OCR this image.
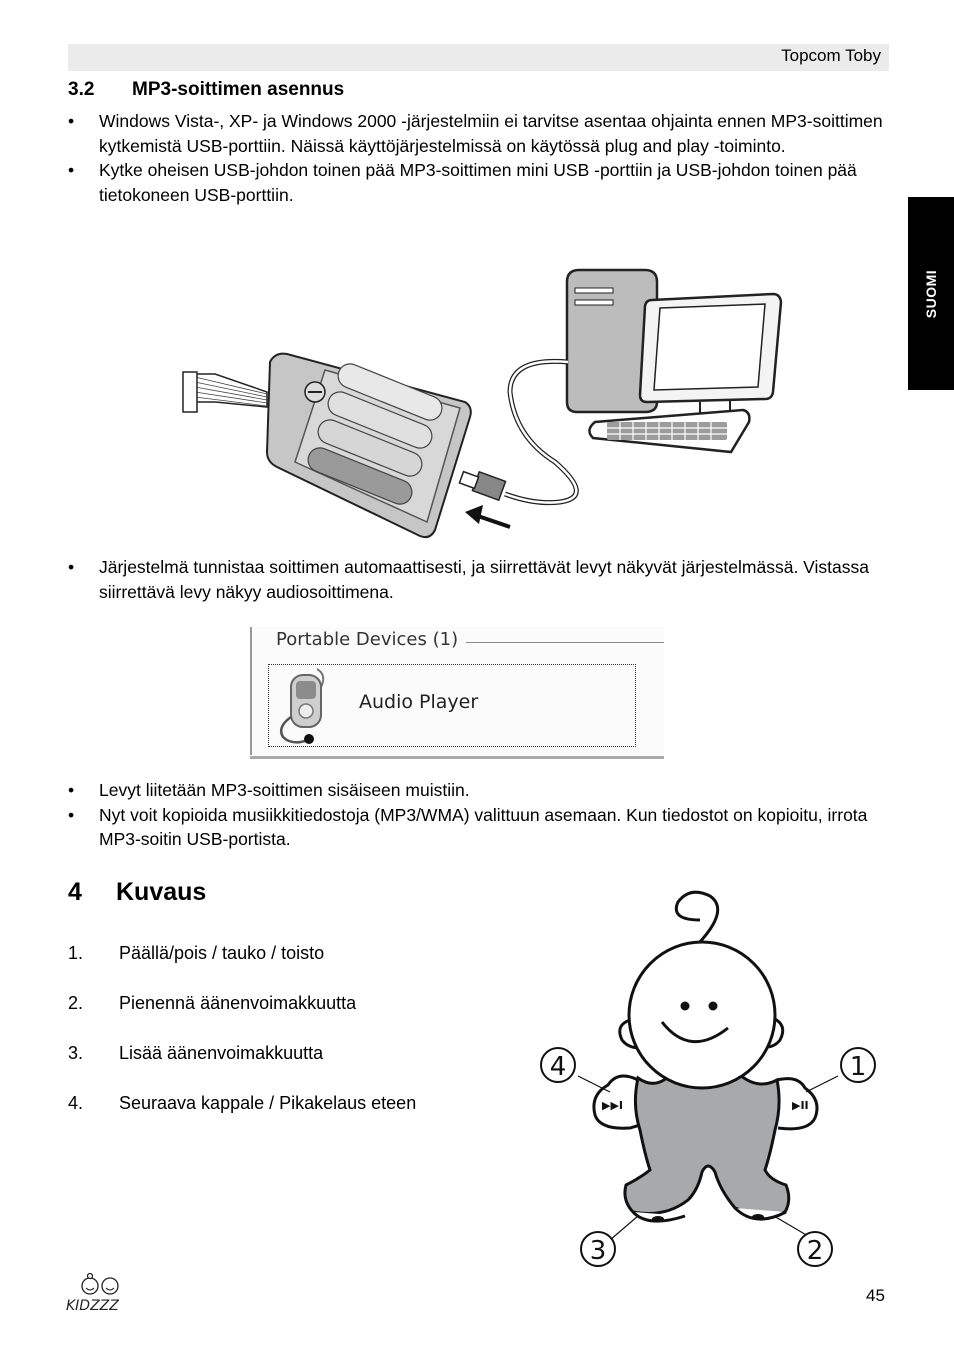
Topcom Toby
SUOMI
3.2 MP3-soittimen asennus
• Windows Vista-, XP- ja Windows 2000 -järjestelmiin ei tarvitse asentaa ohjainta ennen MP3-soittimen kytkemistä USB-porttiin. Näissä käyttöjärjestelmissä on käytössä plug and play -toiminto.
• Kytke oheisen USB-johdon toinen pää MP3-soittimen mini USB -porttiin ja USB-johdon toinen pää tietokoneen USB-porttiin.
• Järjestelmä tunnistaa soittimen automaattisesti, ja siirrettävät levyt näkyvät järjestelmässä. Vistassa siirrettävä levy näkyy audiosoittimena.
Portable Devices (1)
Audio Player
• Levyt liitetään MP3-soittimen sisäiseen muistiin.
• Nyt voit kopioida musiikkitiedostoja (MP3/WMA) valittuun asemaan. Kun tiedostot on kopioitu, irrota MP3-soitin USB-portista.
4 Kuvaus
1. Päällä/pois / tauko / toisto
2. Pienennä äänenvoimakkuutta
3. Lisää äänenvoimakkuutta
4. Seuraava kappale / Pikakelaus eteen	▶▶I	▶II
4	1
3	2
KIDZZZ
45
